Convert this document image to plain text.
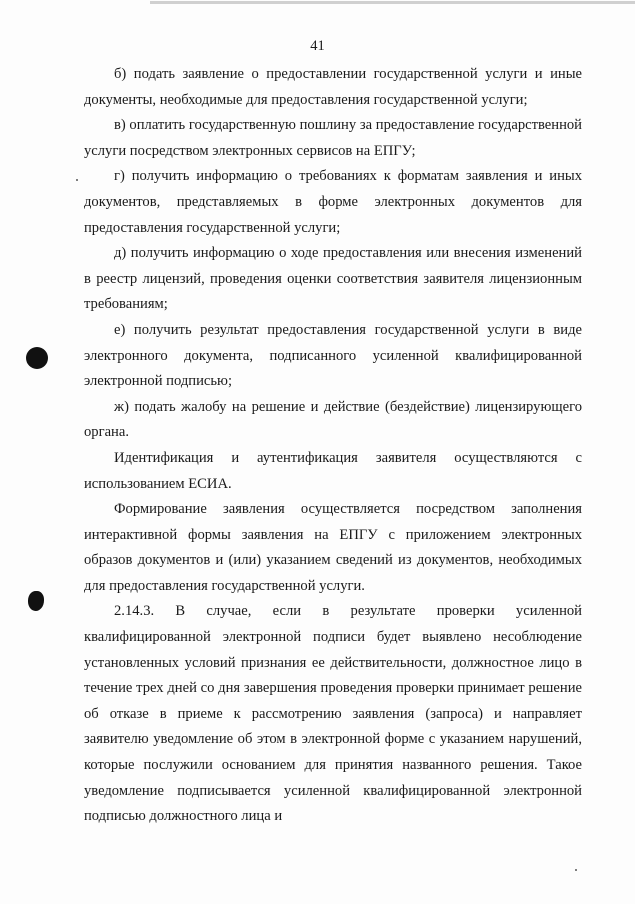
41

б) подать заявление о предоставлении государственной услуги и иные документы, необходимые для предоставления государственной услуги;

в) оплатить государственную пошлину за предоставление государственной услуги посредством электронных сервисов на ЕПГУ;

г) получить информацию о требованиях к форматам заявления и иных документов, представляемых в форме электронных документов для предоставления государственной услуги;

д) получить информацию о ходе предоставления или внесения изменений в реестр лицензий, проведения оценки соответствия заявителя лицензионным требованиям;

е) получить результат предоставления государственной услуги в виде электронного документа, подписанного усиленной квалифицированной электронной подписью;

ж) подать жалобу на решение и действие (бездействие) лицензирующего органа.

Идентификация и аутентификация заявителя осуществляются с использованием ЕСИА.

Формирование заявления осуществляется посредством заполнения интерактивной формы заявления на ЕПГУ с приложением электронных образов документов и (или) указанием сведений из документов, необходимых для предоставления государственной услуги.

2.14.3. В случае, если в результате проверки усиленной квалифицированной электронной подписи будет выявлено несоблюдение установленных условий признания ее действительности, должностное лицо в течение трех дней со дня завершения проведения проверки принимает решение об отказе в приеме к рассмотрению заявления (запроса) и направляет заявителю уведомление об этом в электронной форме с указанием нарушений, которые послужили основанием для принятия названного решения. Такое уведомление подписывается усиленной квалифицированной электронной подписью должностного лица и
